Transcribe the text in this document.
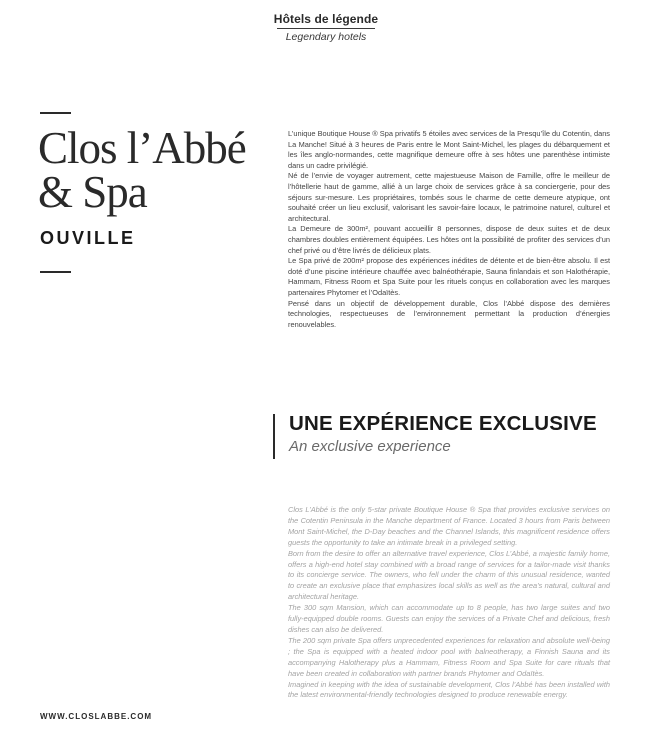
Hôtels de légende
Legendary hotels
Clos l’Abbé
& Spa
OUVILLE

L’unique Boutique House ® Spa privatifs 5 étoiles avec services de la Presqu’île du Cotentin, dans La Manche! Situé à 3 heures de Paris entre le Mont Saint-Michel, les plages du débarquement et les îles anglo-normandes, cette magnifique demeure offre à ses hôtes une parenthèse intimiste dans un cadre privilégié.

Né de l’envie de voyager autrement, cette majestueuse Maison de Famille, offre le meilleur de l’hôtellerie haut de gamme, allié à un large choix de services grâce à sa conciergerie, pour des séjours sur-mesure. Les propriétaires, tombés sous le charme de cette demeure atypique, ont souhaité créer un lieu exclusif, valorisant les savoir-faire locaux, le patrimoine naturel, culturel et architectural.

La Demeure de 300m², pouvant accueillir 8 personnes, dispose de deux suites et de deux chambres doubles entièrement équipées. Les hôtes ont la possibilité de profiter des services d’un chef privé ou d’être livrés de délicieux plats.

Le Spa privé de 200m² propose des expériences inédites de détente et de bien-être absolu. Il est doté d’une piscine intérieure chauffée avec balnéothérapie, Sauna finlandais et son Halothérapie, Hammam, Fitness Room et Spa Suite pour les rituels conçus en collaboration avec les marques partenaires Phytomer et l’Odaïtès.

Pensé dans un objectif de développement durable, Clos l’Abbé dispose des dernières technologies, respectueuses de l’environnement permettant la production d’énergies renouvelables.

UNE EXPÉRIENCE EXCLUSIVE
An exclusive experience

Clos L’Abbé is the only 5-star private Boutique House ® Spa that provides exclusive services on the Cotentin Peninsula in the Manche department of France. Located 3 hours from Paris between Mont Saint-Michel, the D-Day beaches and the Channel Islands, this magnificent residence offers guests the opportunity to take an intimate break in a privileged setting.

Born from the desire to offer an alternative travel experience, Clos L’Abbé, a majestic family home, offers a high-end hotel stay combined with a broad range of services for a tailor-made visit thanks to its concierge service. The owners, who fell under the charm of this unusual residence, wanted to create an exclusive place that emphasizes local skills as well as the area’s natural, cultural and architectural heritage.

The 300 sqm Mansion, which can accommodate up to 8 people, has two large suites and two fully-equipped double rooms. Guests can enjoy the services of a Private Chef and delicious, fresh dishes can also be delivered.

The 200 sqm private Spa offers unprecedented experiences for relaxation and absolute well-being ; the Spa is equipped with a heated indoor pool with balneotherapy, a Finnish Sauna and its accompanying Halotherapy plus a Hammam, Fitness Room and Spa Suite for care rituals that have been created in collaboration with partner brands Phytomer and Odaïtès.

Imagined in keeping with the idea of sustainable development, Clos l’Abbé has been installed with the latest environmental-friendly technologies designed to produce renewable energy.

WWW.CLOSLABBE.COM
